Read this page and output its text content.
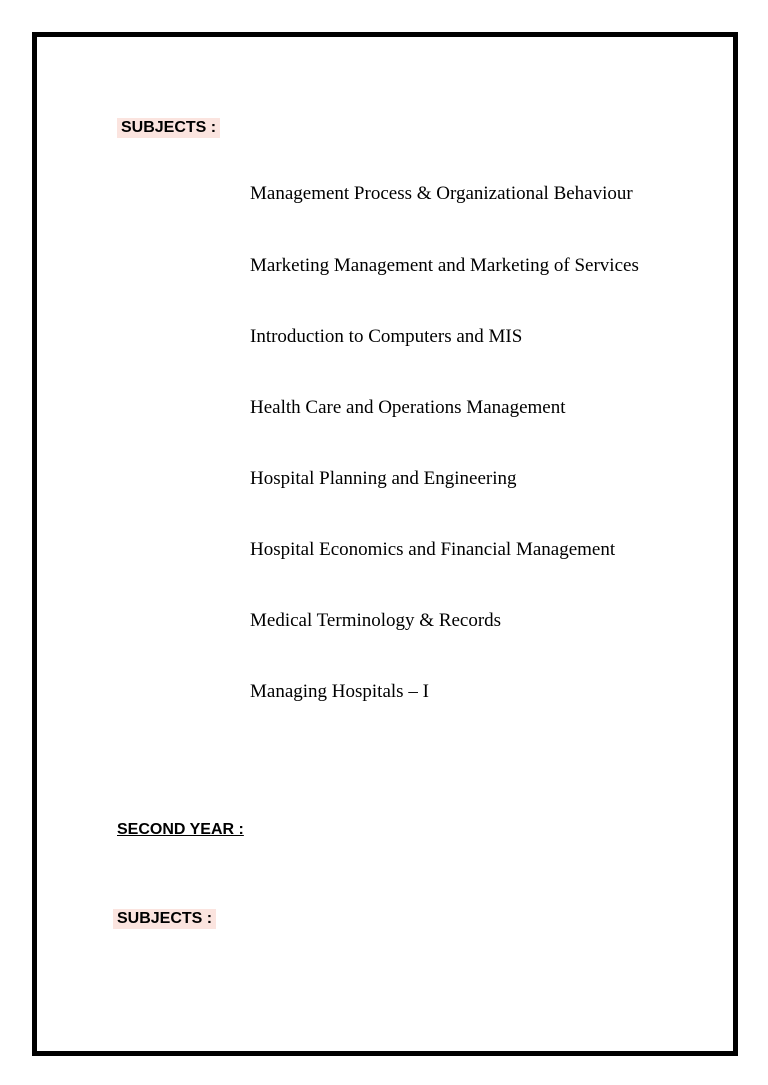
SUBJECTS :
Management Process & Organizational Behaviour
Marketing Management and Marketing of Services
Introduction to Computers and MIS
Health Care and Operations Management
Hospital Planning and Engineering
Hospital Economics and Financial Management
Medical Terminology & Records
Managing Hospitals – I
SECOND YEAR :
SUBJECTS :
